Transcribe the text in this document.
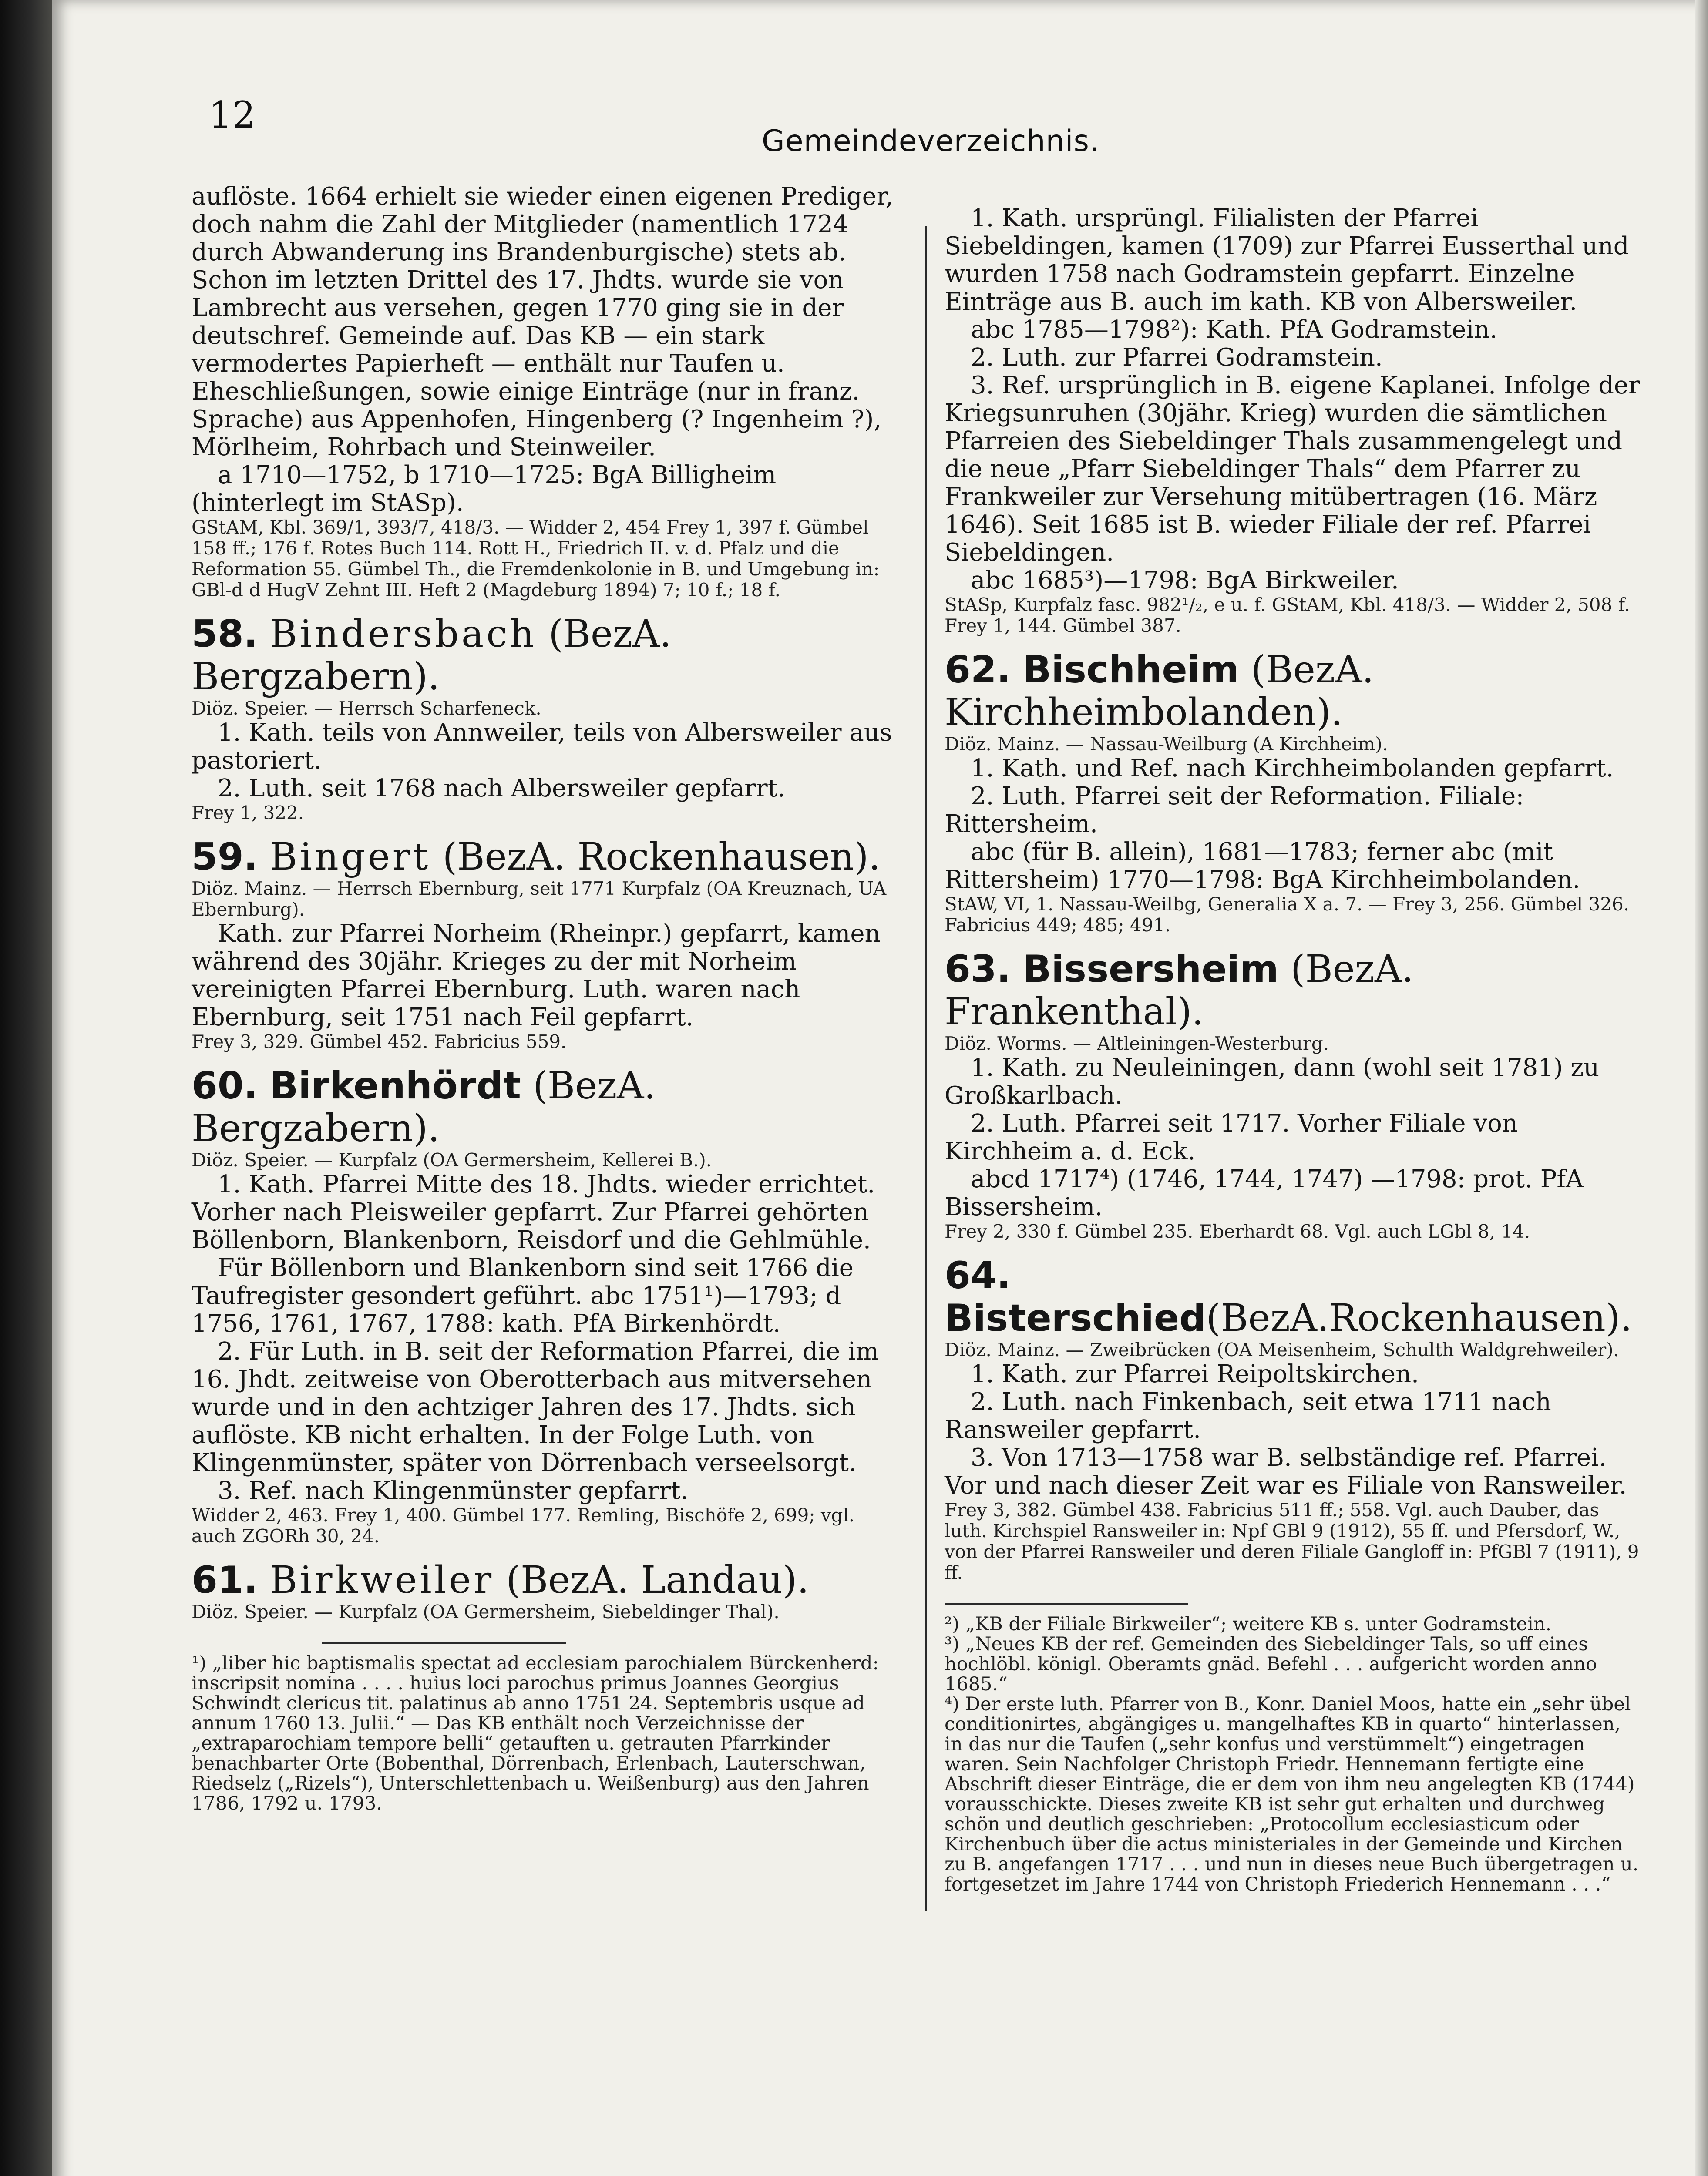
12
Gemeindeverzeichnis.

auflöste. 1664 erhielt sie wieder einen eigenen Prediger, doch nahm die Zahl der Mitglieder (namentlich 1724 durch Abwanderung ins Brandenburgische) stets ab. Schon im letzten Drittel des 17. Jhdts. wurde sie von Lambrecht aus versehen, gegen 1770 ging sie in der deutschref. Gemeinde auf. Das KB — ein stark vermodertes Papierheft — enthält nur Taufen u. Eheschließungen, sowie einige Einträge (nur in franz. Sprache) aus Appenhofen, Hingenberg (? Ingenheim ?), Mörlheim, Rohrbach und Steinweiler.

a 1710—1752, b 1710—1725: BgA Billigheim (hinterlegt im StASp).

GStAM, Kbl. 369/1, 393/7, 418/3. — Widder 2, 454 Frey 1, 397 f. Gümbel 158 ff.; 176 f. Rotes Buch 114. Rott H., Friedrich II. v. d. Pfalz und die Reformation 55. Gümbel Th., die Fremdenkolonie in B. und Umgebung in: GBl-d d HugV Zehnt III. Heft 2 (Magdeburg 1894) 7; 10 f.; 18 f.

58. Bindersbach (BezA. Bergzabern).

Diöz. Speier. — Herrsch Scharfeneck.

1. Kath. teils von Annweiler, teils von Albersweiler aus pastoriert.

2. Luth. seit 1768 nach Albersweiler gepfarrt.

Frey 1, 322.

59. Bingert (BezA. Rockenhausen).

Diöz. Mainz. — Herrsch Ebernburg, seit 1771 Kurpfalz (OA Kreuznach, UA Ebernburg).

Kath. zur Pfarrei Norheim (Rheinpr.) gepfarrt, kamen während des 30jähr. Krieges zu der mit Norheim vereinigten Pfarrei Ebernburg. Luth. waren nach Ebernburg, seit 1751 nach Feil gepfarrt.

Frey 3, 329. Gümbel 452. Fabricius 559.

60. Birkenhördt (BezA. Bergzabern).

Diöz. Speier. — Kurpfalz (OA Germersheim, Kellerei B.).

1. Kath. Pfarrei Mitte des 18. Jhdts. wieder errichtet. Vorher nach Pleisweiler gepfarrt. Zur Pfarrei gehörten Böllenborn, Blankenborn, Reisdorf und die Gehlmühle.

Für Böllenborn und Blankenborn sind seit 1766 die Taufregister gesondert geführt. abc 1751¹)—1793; d 1756, 1761, 1767, 1788: kath. PfA Birkenhördt.

2. Für Luth. in B. seit der Reformation Pfarrei, die im 16. Jhdt. zeitweise von Oberotterbach aus mitversehen wurde und in den achtziger Jahren des 17. Jhdts. sich auflöste. KB nicht erhalten. In der Folge Luth. von Klingenmünster, später von Dörrenbach verseelsorgt.

3. Ref. nach Klingenmünster gepfarrt.

Widder 2, 463. Frey 1, 400. Gümbel 177. Remling, Bischöfe 2, 699; vgl. auch ZGORh 30, 24.

61. Birkweiler (BezA. Landau).

Diöz. Speier. — Kurpfalz (OA Germersheim, Siebeldinger Thal).

¹) „liber hic baptismalis spectat ad ecclesiam parochialem Bürckenherd: inscripsit nomina . . . . huius loci parochus primus Joannes Georgius Schwindt clericus tit. palatinus ab anno 1751 24. Septembris usque ad annum 1760 13. Julii.“ — Das KB enthält noch Verzeichnisse der „extraparochiam tempore belli“ getauften u. getrauten Pfarrkinder benachbarter Orte (Bobenthal, Dörrenbach, Erlenbach, Lauterschwan, Riedselz („Rizels“), Unterschlettenbach u. Weißenburg) aus den Jahren 1786, 1792 u. 1793.

1. Kath. ursprüngl. Filialisten der Pfarrei Siebeldingen, kamen (1709) zur Pfarrei Eusserthal und wurden 1758 nach Godramstein gepfarrt. Einzelne Einträge aus B. auch im kath. KB von Albersweiler.

abc 1785—1798²): Kath. PfA Godramstein.

2. Luth. zur Pfarrei Godramstein.

3. Ref. ursprünglich in B. eigene Kaplanei. Infolge der Kriegsunruhen (30jähr. Krieg) wurden die sämtlichen Pfarreien des Siebeldinger Thals zusammengelegt und die neue „Pfarr Siebeldinger Thals“ dem Pfarrer zu Frankweiler zur Versehung mitübertragen (16. März 1646). Seit 1685 ist B. wieder Filiale der ref. Pfarrei Siebeldingen.

abc 1685³)—1798: BgA Birkweiler.

StASp, Kurpfalz fasc. 982¹/₂, e u. f. GStAM, Kbl. 418/3. — Widder 2, 508 f. Frey 1, 144. Gümbel 387.

62. Bischheim (BezA. Kirchheimbolanden).

Diöz. Mainz. — Nassau-Weilburg (A Kirchheim).

1. Kath. und Ref. nach Kirchheimbolanden gepfarrt.

2. Luth. Pfarrei seit der Reformation. Filiale: Rittersheim.

abc (für B. allein), 1681—1783; ferner abc (mit Rittersheim) 1770—1798: BgA Kirchheimbolanden.

StAW, VI, 1. Nassau-Weilbg, Generalia X a. 7. — Frey 3, 256. Gümbel 326. Fabricius 449; 485; 491.

63. Bissersheim (BezA. Frankenthal).

Diöz. Worms. — Altleiningen-Westerburg.

1. Kath. zu Neuleiningen, dann (wohl seit 1781) zu Großkarlbach.

2. Luth. Pfarrei seit 1717. Vorher Filiale von Kirchheim a. d. Eck.

abcd 1717⁴) (1746, 1744, 1747) —1798: prot. PfA Bissersheim.

Frey 2, 330 f. Gümbel 235. Eberhardt 68. Vgl. auch LGbl 8, 14.

64. Bisterschied(BezA.Rockenhausen).

Diöz. Mainz. — Zweibrücken (OA Meisenheim, Schulth Waldgrehweiler).

1. Kath. zur Pfarrei Reipoltskirchen.

2. Luth. nach Finkenbach, seit etwa 1711 nach Ransweiler gepfarrt.

3. Von 1713—1758 war B. selbständige ref. Pfarrei. Vor und nach dieser Zeit war es Filiale von Ransweiler.

Frey 3, 382. Gümbel 438. Fabricius 511 ff.; 558. Vgl. auch Dauber, das luth. Kirchspiel Ransweiler in: Npf GBl 9 (1912), 55 ff. und Pfersdorf, W., von der Pfarrei Ransweiler und deren Filiale Gangloff in: PfGBl 7 (1911), 9 ff.

²) „KB der Filiale Birkweiler“; weitere KB s. unter Godramstein.

³) „Neues KB der ref. Gemeinden des Siebeldinger Tals, so uff eines hochlöbl. königl. Oberamts gnäd. Befehl . . . aufgericht worden anno 1685.“

⁴) Der erste luth. Pfarrer von B., Konr. Daniel Moos, hatte ein „sehr übel conditionirtes, abgängiges u. mangelhaftes KB in quarto“ hinterlassen, in das nur die Taufen („sehr konfus und verstümmelt“) eingetragen waren. Sein Nachfolger Christoph Friedr. Hennemann fertigte eine Abschrift dieser Einträge, die er dem von ihm neu angelegten KB (1744) vorausschickte. Dieses zweite KB ist sehr gut erhalten und durchweg schön und deutlich geschrieben: „Protocollum ecclesiasticum oder Kirchenbuch über die actus ministeriales in der Gemeinde und Kirchen zu B. angefangen 1717 . . . und nun in dieses neue Buch übergetragen u. fortgesetzet im Jahre 1744 von Christoph Friederich Hennemann . . .“
